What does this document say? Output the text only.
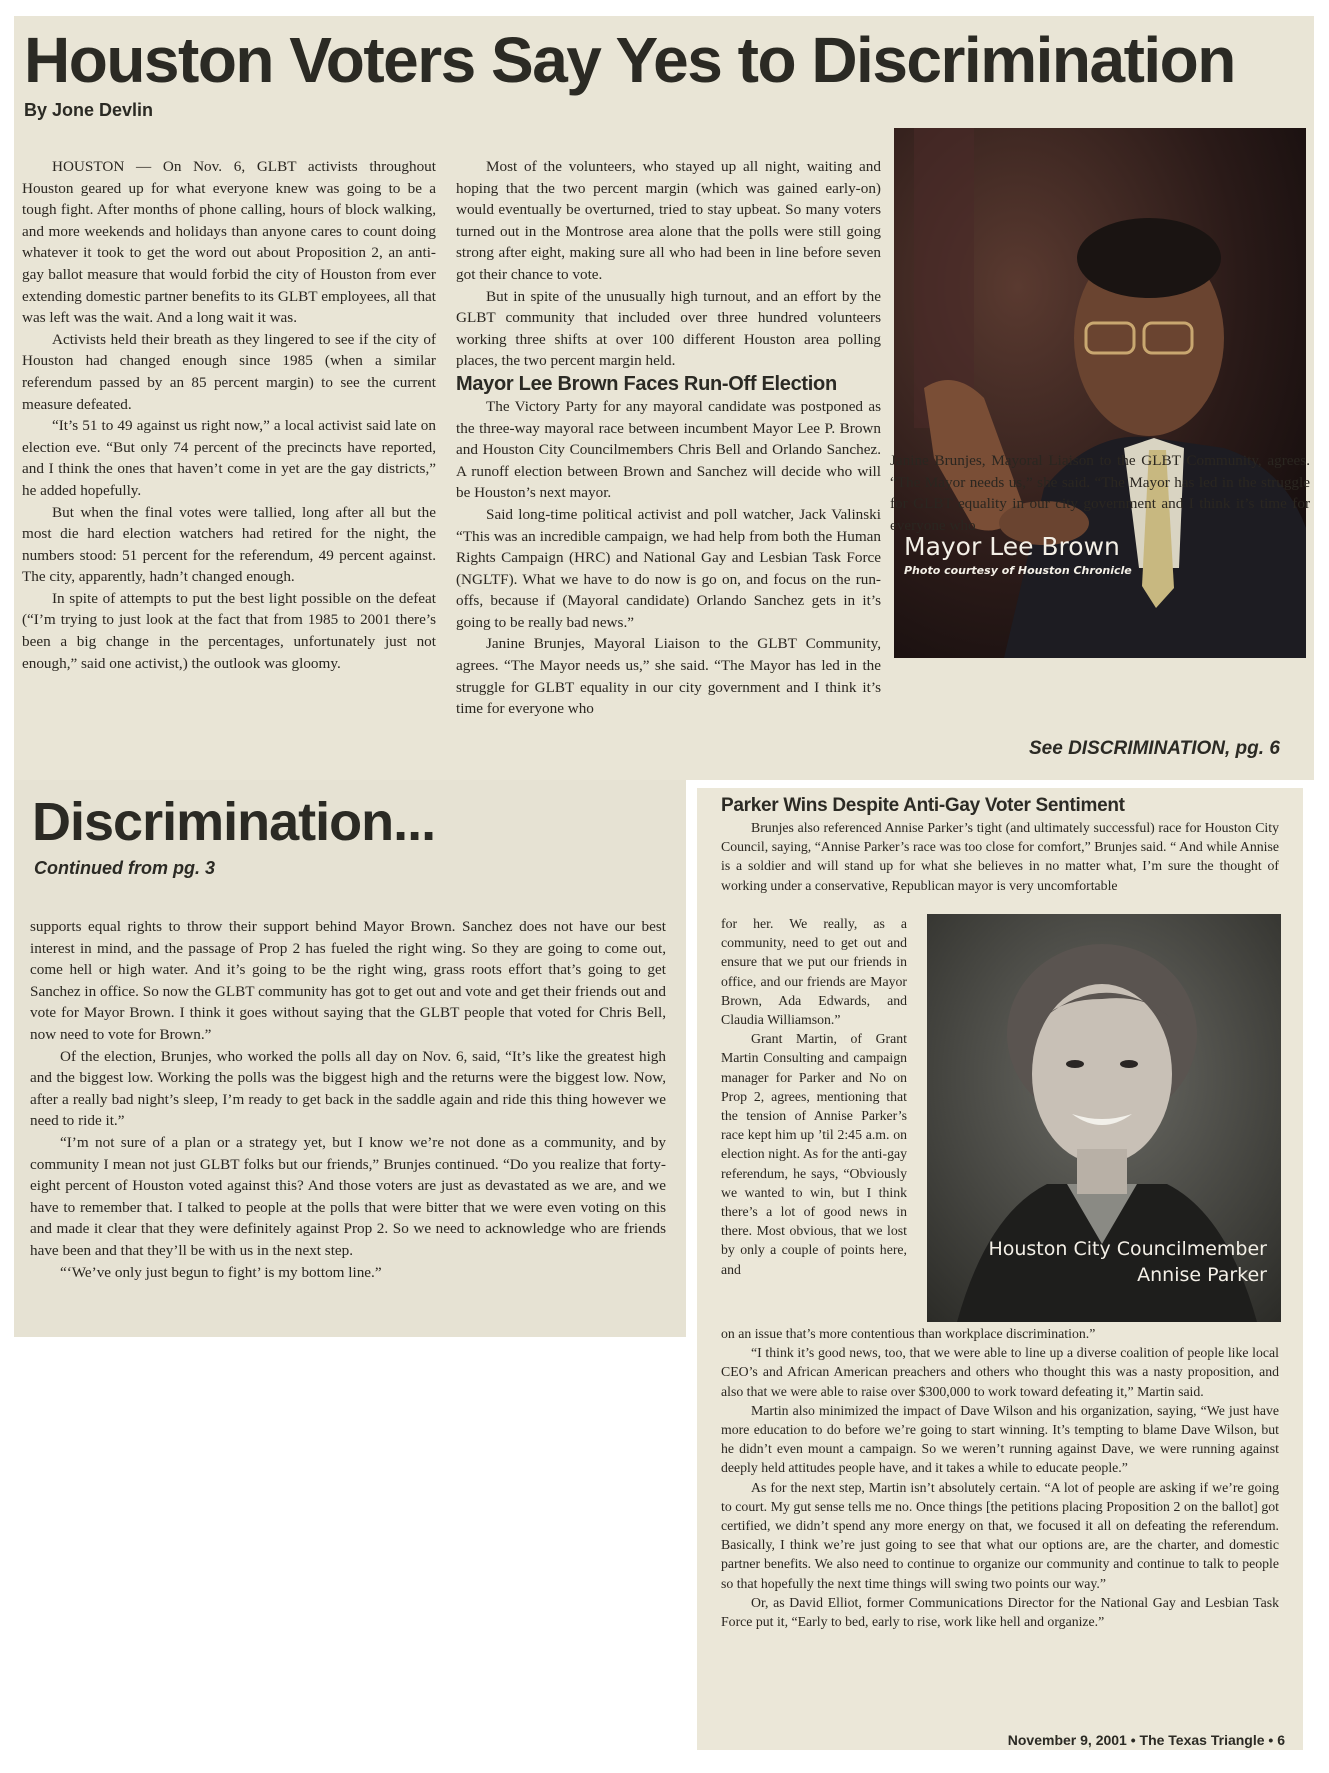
Houston Voters Say Yes to Discrimination
By Jone Devlin

HOUSTON — On Nov. 6, GLBT activists throughout Houston geared up for what everyone knew was going to be a tough fight. After months of phone calling, hours of block walking, and more weekends and holidays than anyone cares to count doing whatever it took to get the word out about Proposition 2, an anti-gay ballot measure that would forbid the city of Houston from ever extending domestic partner benefits to its GLBT employees, all that was left was the wait. And a long wait it was.

Activists held their breath as they lingered to see if the city of Houston had changed enough since 1985 (when a similar referendum passed by an 85 percent margin) to see the current measure defeated.

“It’s 51 to 49 against us right now,” a local activist said late on election eve. “But only 74 percent of the precincts have reported, and I think the ones that haven’t come in yet are the gay districts,” he added hopefully.

But when the final votes were tallied, long after all but the most die hard election watchers had retired for the night, the numbers stood: 51 percent for the referendum, 49 percent against. The city, apparently, hadn’t changed enough.

In spite of attempts to put the best light possible on the defeat (“I’m trying to just look at the fact that from 1985 to 2001 there’s been a big change in the percentages, unfortunately just not enough,” said one activist,) the outlook was gloomy.

Most of the volunteers, who stayed up all night, waiting and hoping that the two percent margin (which was gained early-on) would eventually be overturned, tried to stay upbeat. So many voters turned out in the Montrose area alone that the polls were still going strong after eight, making sure all who had been in line before seven got their chance to vote.

But in spite of the unusually high turnout, and an effort by the GLBT community that included over three hundred volunteers working three shifts at over 100 different Houston area polling places, the two percent margin held.

Mayor Lee Brown Faces Run-Off Election

The Victory Party for any mayoral candidate was postponed as the three-way mayoral race between incumbent Mayor Lee P. Brown and Houston City Councilmembers Chris Bell and Orlando Sanchez. A runoff election between Brown and Sanchez will decide who will be Houston’s next mayor.

Said long-time political activist and poll watcher, Jack Valinski “This was an incredible campaign, we had help from both the Human Rights Campaign (HRC) and National Gay and Lesbian Task Force (NGLTF). What we have to do now is go on, and focus on the run-offs, because if (Mayoral candidate) Orlando Sanchez gets in it’s going to be really bad news.”

Janine Brunjes, Mayoral Liaison to the GLBT Community, agrees. “The Mayor needs us,” she said. “The Mayor has led in the struggle for GLBT equality in our city government and I think it’s time for everyone who

Mayor Lee Brown
Photo courtesy of Houston Chronicle

Janine Brunjes, Mayoral Liaison to the GLBT Community, agrees. “The Mayor needs us,” she said. “The Mayor has led in the struggle for GLBT equality in our city government and I think it’s time for everyone who

See DISCRIMINATION, pg. 6
Discrimination...
Continued from pg. 3

supports equal rights to throw their support behind Mayor Brown. Sanchez does not have our best interest in mind, and the passage of Prop 2 has fueled the right wing. So they are going to come out, come hell or high water. And it’s going to be the right wing, grass roots effort that’s going to get Sanchez in office. So now the GLBT community has got to get out and vote and get their friends out and vote for Mayor Brown. I think it goes without saying that the GLBT people that voted for Chris Bell, now need to vote for Brown.”

Of the election, Brunjes, who worked the polls all day on Nov. 6, said, “It’s like the greatest high and the biggest low. Working the polls was the biggest high and the returns were the biggest low. Now, after a really bad night’s sleep, I’m ready to get back in the saddle again and ride this thing however we need to ride it.”

“I’m not sure of a plan or a strategy yet, but I know we’re not done as a community, and by community I mean not just GLBT folks but our friends,” Brunjes continued. “Do you realize that forty-eight percent of Houston voted against this? And those voters are just as devastated as we are, and we have to remember that. I talked to people at the polls that were bitter that we were even voting on this and made it clear that they were definitely against Prop 2. So we need to acknowledge who are friends have been and that they’ll be with us in the next step.

“‘We’ve only just begun to fight’ is my bottom line.”

Parker Wins Despite Anti-Gay Voter Sentiment

Brunjes also referenced Annise Parker’s tight (and ultimately successful) race for Houston City Council, saying, “Annise Parker’s race was too close for comfort,” Brunjes said. “ And while Annise is a soldier and will stand up for what she believes in no matter what, I’m sure the thought of working under a conservative, Republican mayor is very uncomfortable

for her. We really, as a community, need to get out and ensure that we put our friends in office, and our friends are Mayor Brown, Ada Edwards, and Claudia Williamson.”

Grant Martin, of Grant Martin Consulting and campaign manager for Parker and No on Prop 2, agrees, mentioning that the tension of Annise Parker’s race kept him up ’til 2:45 a.m. on election night. As for the anti-gay referendum, he says, “Obviously we wanted to win, but I think there’s a lot of good news in there. Most obvious, that we lost by only a couple of points here, and

Houston City Councilmember
Annise Parker

on an issue that’s more contentious than workplace discrimination.”

“I think it’s good news, too, that we were able to line up a diverse coalition of people like local CEO’s and African American preachers and others who thought this was a nasty proposition, and also that we were able to raise over $300,000 to work toward defeating it,” Martin said.

Martin also minimized the impact of Dave Wilson and his organization, saying, “We just have more education to do before we’re going to start winning. It’s tempting to blame Dave Wilson, but he didn’t even mount a campaign. So we weren’t running against Dave, we were running against deeply held attitudes people have, and it takes a while to educate people.”

As for the next step, Martin isn’t absolutely certain. “A lot of people are asking if we’re going to court. My gut sense tells me no. Once things [the petitions placing Proposition 2 on the ballot] got certified, we didn’t spend any more energy on that, we focused it all on defeating the referendum. Basically, I think we’re just going to see that what our options are, are the charter, and domestic partner benefits. We also need to continue to organize our community and continue to talk to people so that hopefully the next time things will swing two points our way.”

Or, as David Elliot, former Communications Director for the National Gay and Lesbian Task Force put it, “Early to bed, early to rise, work like hell and organize.”

November 9, 2001 • The Texas Triangle • 6
